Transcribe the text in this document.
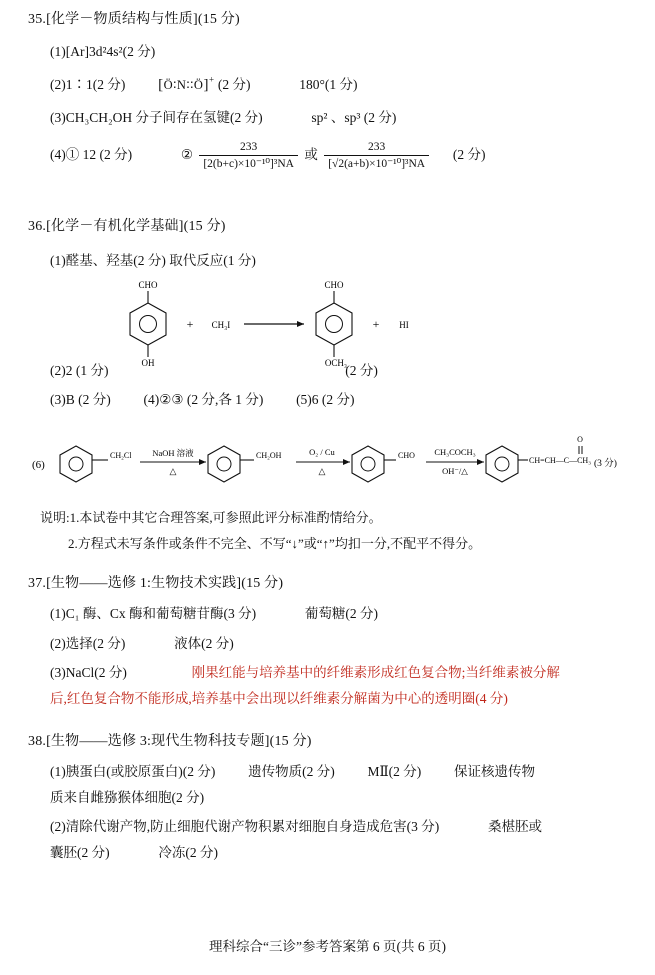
35.[化学－物质结构与性质](15 分)
(1)[Ar]3d²4s²(2 分)
(2)1∶1(2 分) [Ö∶N∶∶Ö]+ (2 分)	180°(1 分)
(3)CH₃CH₂OH 分子间存在氢键(2 分)	sp² 、sp³ (2 分)
(4)① 12 (2 分)	② $\frac{233}{\text{[2(b+c)×10⁻¹⁰]³NA}}$ 或 $\frac{233}{\text{[√2(a+b)×10⁻¹⁰]³NA}} (2$ 分)
36.[化学－有机化学基础](15 分)
(1)醛基、羟基(2 分) 取代反应(1 分)
CHO
OH
+ CH₃I
CHO
OCH₃
+ HI
(2)2 (1 分)	(2 分)
(3)B (2 分) (4)②③ (2 分,各 1 分) (5)6 (2 分)
(6)
CH₂Cl NaOH 溶液
△
CH₂OH	O₂ / Cu
△
CHO CH₃COCH₃
OH⁻/△
CH=CH—C—CH₃
O
(3 分)
说明:1.本试卷中其它合理答案,可参照此评分标准酌情给分。
2.方程式未写条件或条件不完全、不写“↓”或“↑”均扣一分,不配平不得分。
37.[生物——选修 1:生物技术实践](15 分)
(1)C₁ 酶、Cx 酶和葡萄糖苷酶(3 分)	葡萄糖(2 分)
(2)选择(2 分)	液体(2 分)
(3)NaCl(2 分)	刚果红能与培养基中的纤维素形成红色复合物;当纤维素被分解
后,红色复合物不能形成,培养基中会出现以纤维素分解菌为中心的透明圈(4 分)
38.[生物——选修 3:现代生物科技专题](15 分)
(1)胰蛋白(或胶原蛋白)(2 分) 遗传物质(2 分) MⅡ(2 分) 保证核遗传物
质来自雌猕猴体细胞(2 分)
(2)清除代谢产物,防止细胞代谢产物积累对细胞自身造成危害(3 分)	桑椹胚或
囊胚(2 分)	冷冻(2 分)
理科综合“三诊”参考答案第 6 页(共 6 页)
